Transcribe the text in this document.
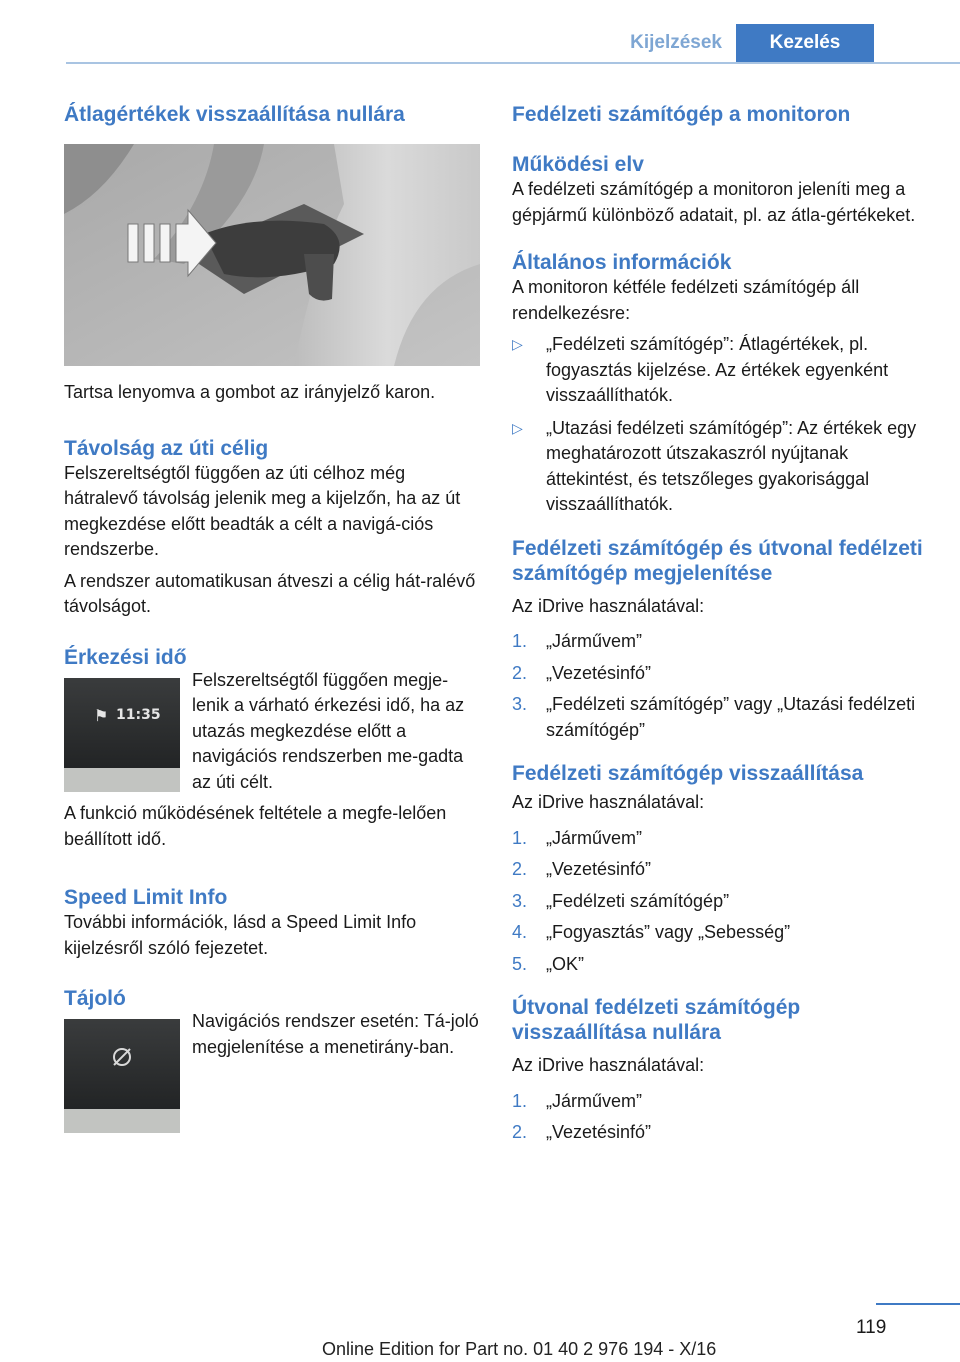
Kijelzések	Kezelés
Átlagértékek visszaállítása nullára

Tartsa lenyomva a gombot az irányjelző karon.

Távolság az úti célig

Felszereltségtől függően az úti célhoz még hátralevő távolság jelenik meg a kijelzőn, ha az út megkezdése előtt beadták a célt a navigá‐ciós rendszerbe.

A rendszer automatikusan átveszi a célig hát‐ralévő távolságot.

Érkezési idő
⚑ 11:35

Felszereltségtől függően megje‐lenik a várható érkezési idő, ha az utazás megkezdése előtt a navigációs rendszerben me‐gadta az úti célt.

A funkció működésének feltétele a megfe‐lelően beállított idő.

Speed Limit Info

További információk, lásd a Speed Limit Info kijelzésről szóló fejezetet.

Tájoló

Navigációs rendszer esetén: Tá‐joló megjelenítése a menetirány‐ban.

Fedélzeti számítógép a monitoron
Működési elv

A fedélzeti számítógép a monitoron jeleníti meg a gépjármű különböző adatait, pl. az átla‐gértékeket.

Általános információk

A monitoron kétféle fedélzeti számítógép áll rendelkezésre:

▷ „Fedélzeti számítógép”: Átlagértékek, pl. fogyasztás kijelzése. Az értékek egyenként visszaállíthatók.
▷ „Utazási fedélzeti számítógép”: Az értékek egy meghatározott útszakaszról nyújtanak áttekintést, és tetszőleges gyakorisággal visszaállíthatók.
Fedélzeti számítógép és útvonal fedélzeti számítógép megjelenítése

Az iDrive használatával:

1. „Járművem”
2. „Vezetésinfó”
3. „Fedélzeti számítógép” vagy „Utazási fedélzeti számítógép”
Fedélzeti számítógép visszaállítása

Az iDrive használatával:

1. „Járművem”
2. „Vezetésinfó”
3. „Fedélzeti számítógép”
4. „Fogyasztás” vagy „Sebesség”
5. „OK”
Útvonal fedélzeti számítógép visszaállítása nullára

Az iDrive használatával:

1. „Járművem”
2. „Vezetésinfó”
119
Online Edition for Part no. 01 40 2 976 194 - X/16
